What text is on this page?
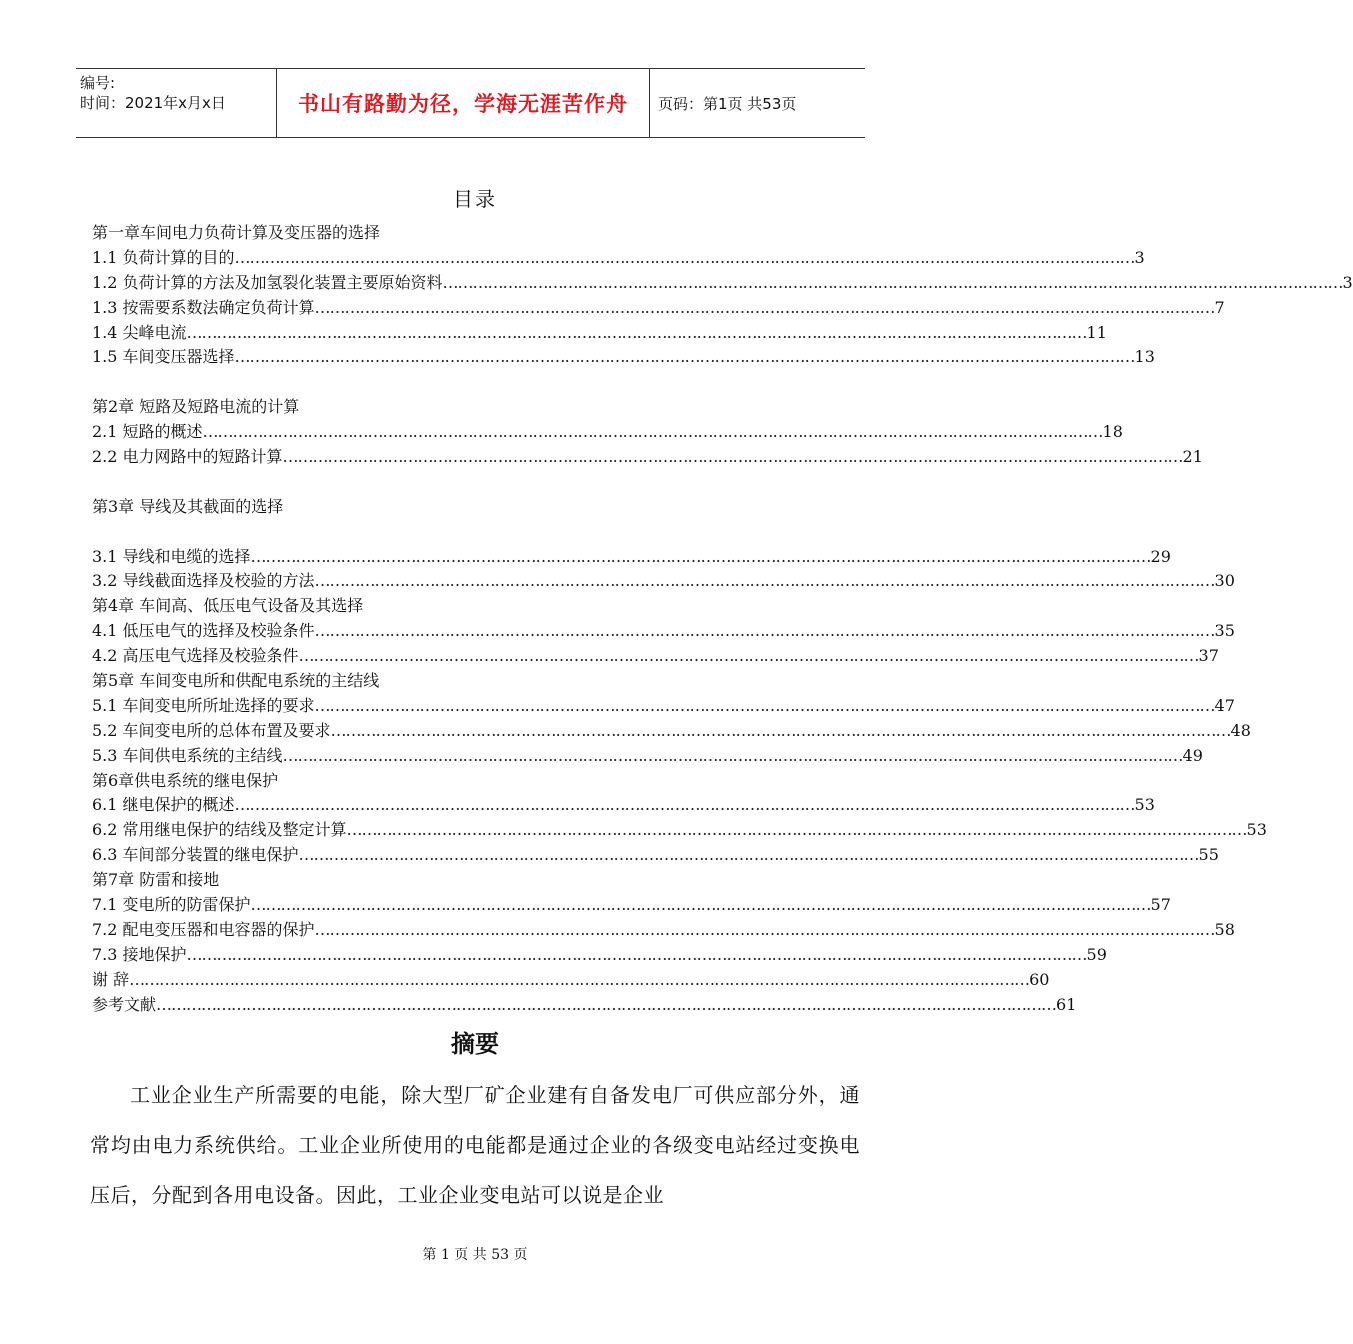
编号:
时间：2021年x月x日	书山有路勤为径，学海无涯苦作舟 页码：第1页 共53页
目录
第一章车间电力负荷计算及变压器的选择
1.1 负荷计算的目的 ……………………………………………………………………………………………………………………………………………………………… 3
1.2 负荷计算的方法及加氢裂化装置主要原始资料 ……………………………………………………………………………………………………………………………………………………………… 3
1.3 按需要系数法确定负荷计算 ……………………………………………………………………………………………………………………………………………………………… 7
1.4 尖峰电流 ……………………………………………………………………………………………………………………………………………………………… 11
1.5 车间变压器选择 ……………………………………………………………………………………………………………………………………………………………… 13
第2章 短路及短路电流的计算
2.1 短路的概述 ……………………………………………………………………………………………………………………………………………………………… 18
2.2 电力网路中的短路计算 ……………………………………………………………………………………………………………………………………………………………… 21
第3章 导线及其截面的选择
3.1 导线和电缆的选择 ……………………………………………………………………………………………………………………………………………………………… 29
3.2 导线截面选择及校验的方法 ……………………………………………………………………………………………………………………………………………………………… 30
第4章 车间高、低压电气设备及其选择
4.1 低压电气的选择及校验条件 ……………………………………………………………………………………………………………………………………………………………… 35
4.2 高压电气选择及校验条件 ……………………………………………………………………………………………………………………………………………………………… 37
第5章 车间变电所和供配电系统的主结线
5.1 车间变电所所址选择的要求 ……………………………………………………………………………………………………………………………………………………………… 47
5.2 车间变电所的总体布置及要求 ……………………………………………………………………………………………………………………………………………………………… 48
5.3 车间供电系统的主结线 ……………………………………………………………………………………………………………………………………………………………… 49
第6章供电系统的继电保护
6.1 继电保护的概述 ……………………………………………………………………………………………………………………………………………………………… 53
6.2 常用继电保护的结线及整定计算 ……………………………………………………………………………………………………………………………………………………………… 53
6.3 车间部分装置的继电保护 ……………………………………………………………………………………………………………………………………………………………… 55
第7章 防雷和接地
7.1 变电所的防雷保护 ……………………………………………………………………………………………………………………………………………………………… 57
7.2 配电变压器和电容器的保护 ……………………………………………………………………………………………………………………………………………………………… 58
7.3 接地保护 ……………………………………………………………………………………………………………………………………………………………… 59
谢 辞 ……………………………………………………………………………………………………………………………………………………………… 60
参考文献 ……………………………………………………………………………………………………………………………………………………………… 61
摘要

工业企业生产所需要的电能，除大型厂矿企业建有自备发电厂可供应部分外，通常均由电力系统供给。工业企业所使用的电能都是通过企业的各级变电站经过变换电压后，分配到各用电设备。因此，工业企业变电站可以说是企业

第 1 页 共 53 页
